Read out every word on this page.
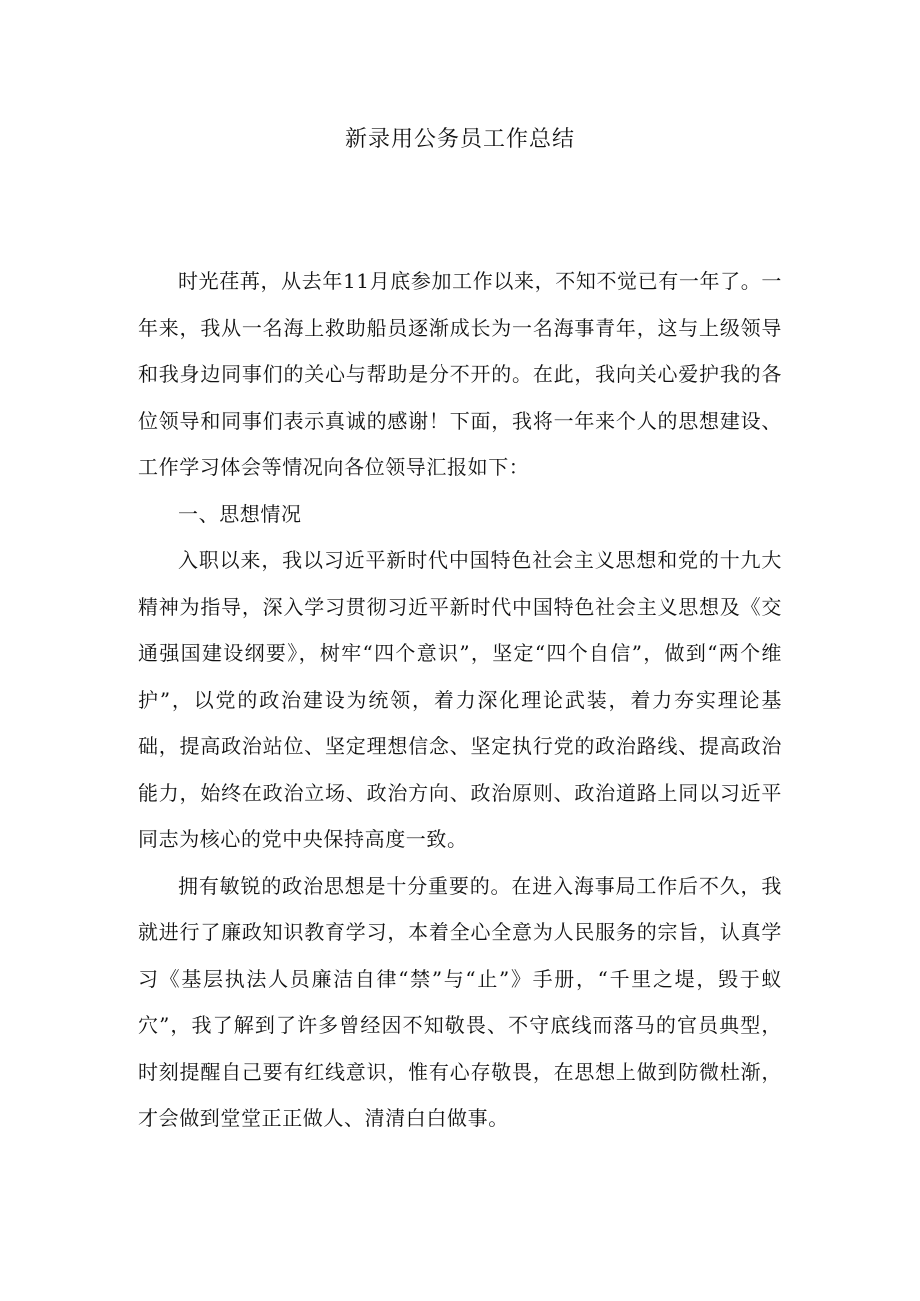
新录用公务员工作总结

时光荏苒，从去年11月底参加工作以来，不知不觉已有一年了。一年来，我从一名海上救助船员逐渐成长为一名海事青年，这与上级领导和我身边同事们的关心与帮助是分不开的。在此，我向关心爱护我的各位领导和同事们表示真诚的感谢！下面，我将一年来个人的思想建设、工作学习体会等情况向各位领导汇报如下：

一、思想情况

入职以来，我以习近平新时代中国特色社会主义思想和党的十九大精神为指导，深入学习贯彻习近平新时代中国特色社会主义思想及《交通强国建设纲要》，树牢“四个意识”，坚定“四个自信”，做到“两个维护”，以党的政治建设为统领，着力深化理论武装，着力夯实理论基础，提高政治站位、坚定理想信念、坚定执行党的政治路线、提高政治能力，始终在政治立场、政治方向、政治原则、政治道路上同以习近平同志为核心的党中央保持高度一致。

拥有敏锐的政治思想是十分重要的。在进入海事局工作后不久，我就进行了廉政知识教育学习，本着全心全意为人民服务的宗旨，认真学习《基层执法人员廉洁自律“禁”与“止”》手册，“千里之堤，毁于蚁穴”，我了解到了许多曾经因不知敬畏、不守底线而落马的官员典型，时刻提醒自己要有红线意识，惟有心存敬畏，在思想上做到防微杜渐，才会做到堂堂正正做人、清清白白做事。
